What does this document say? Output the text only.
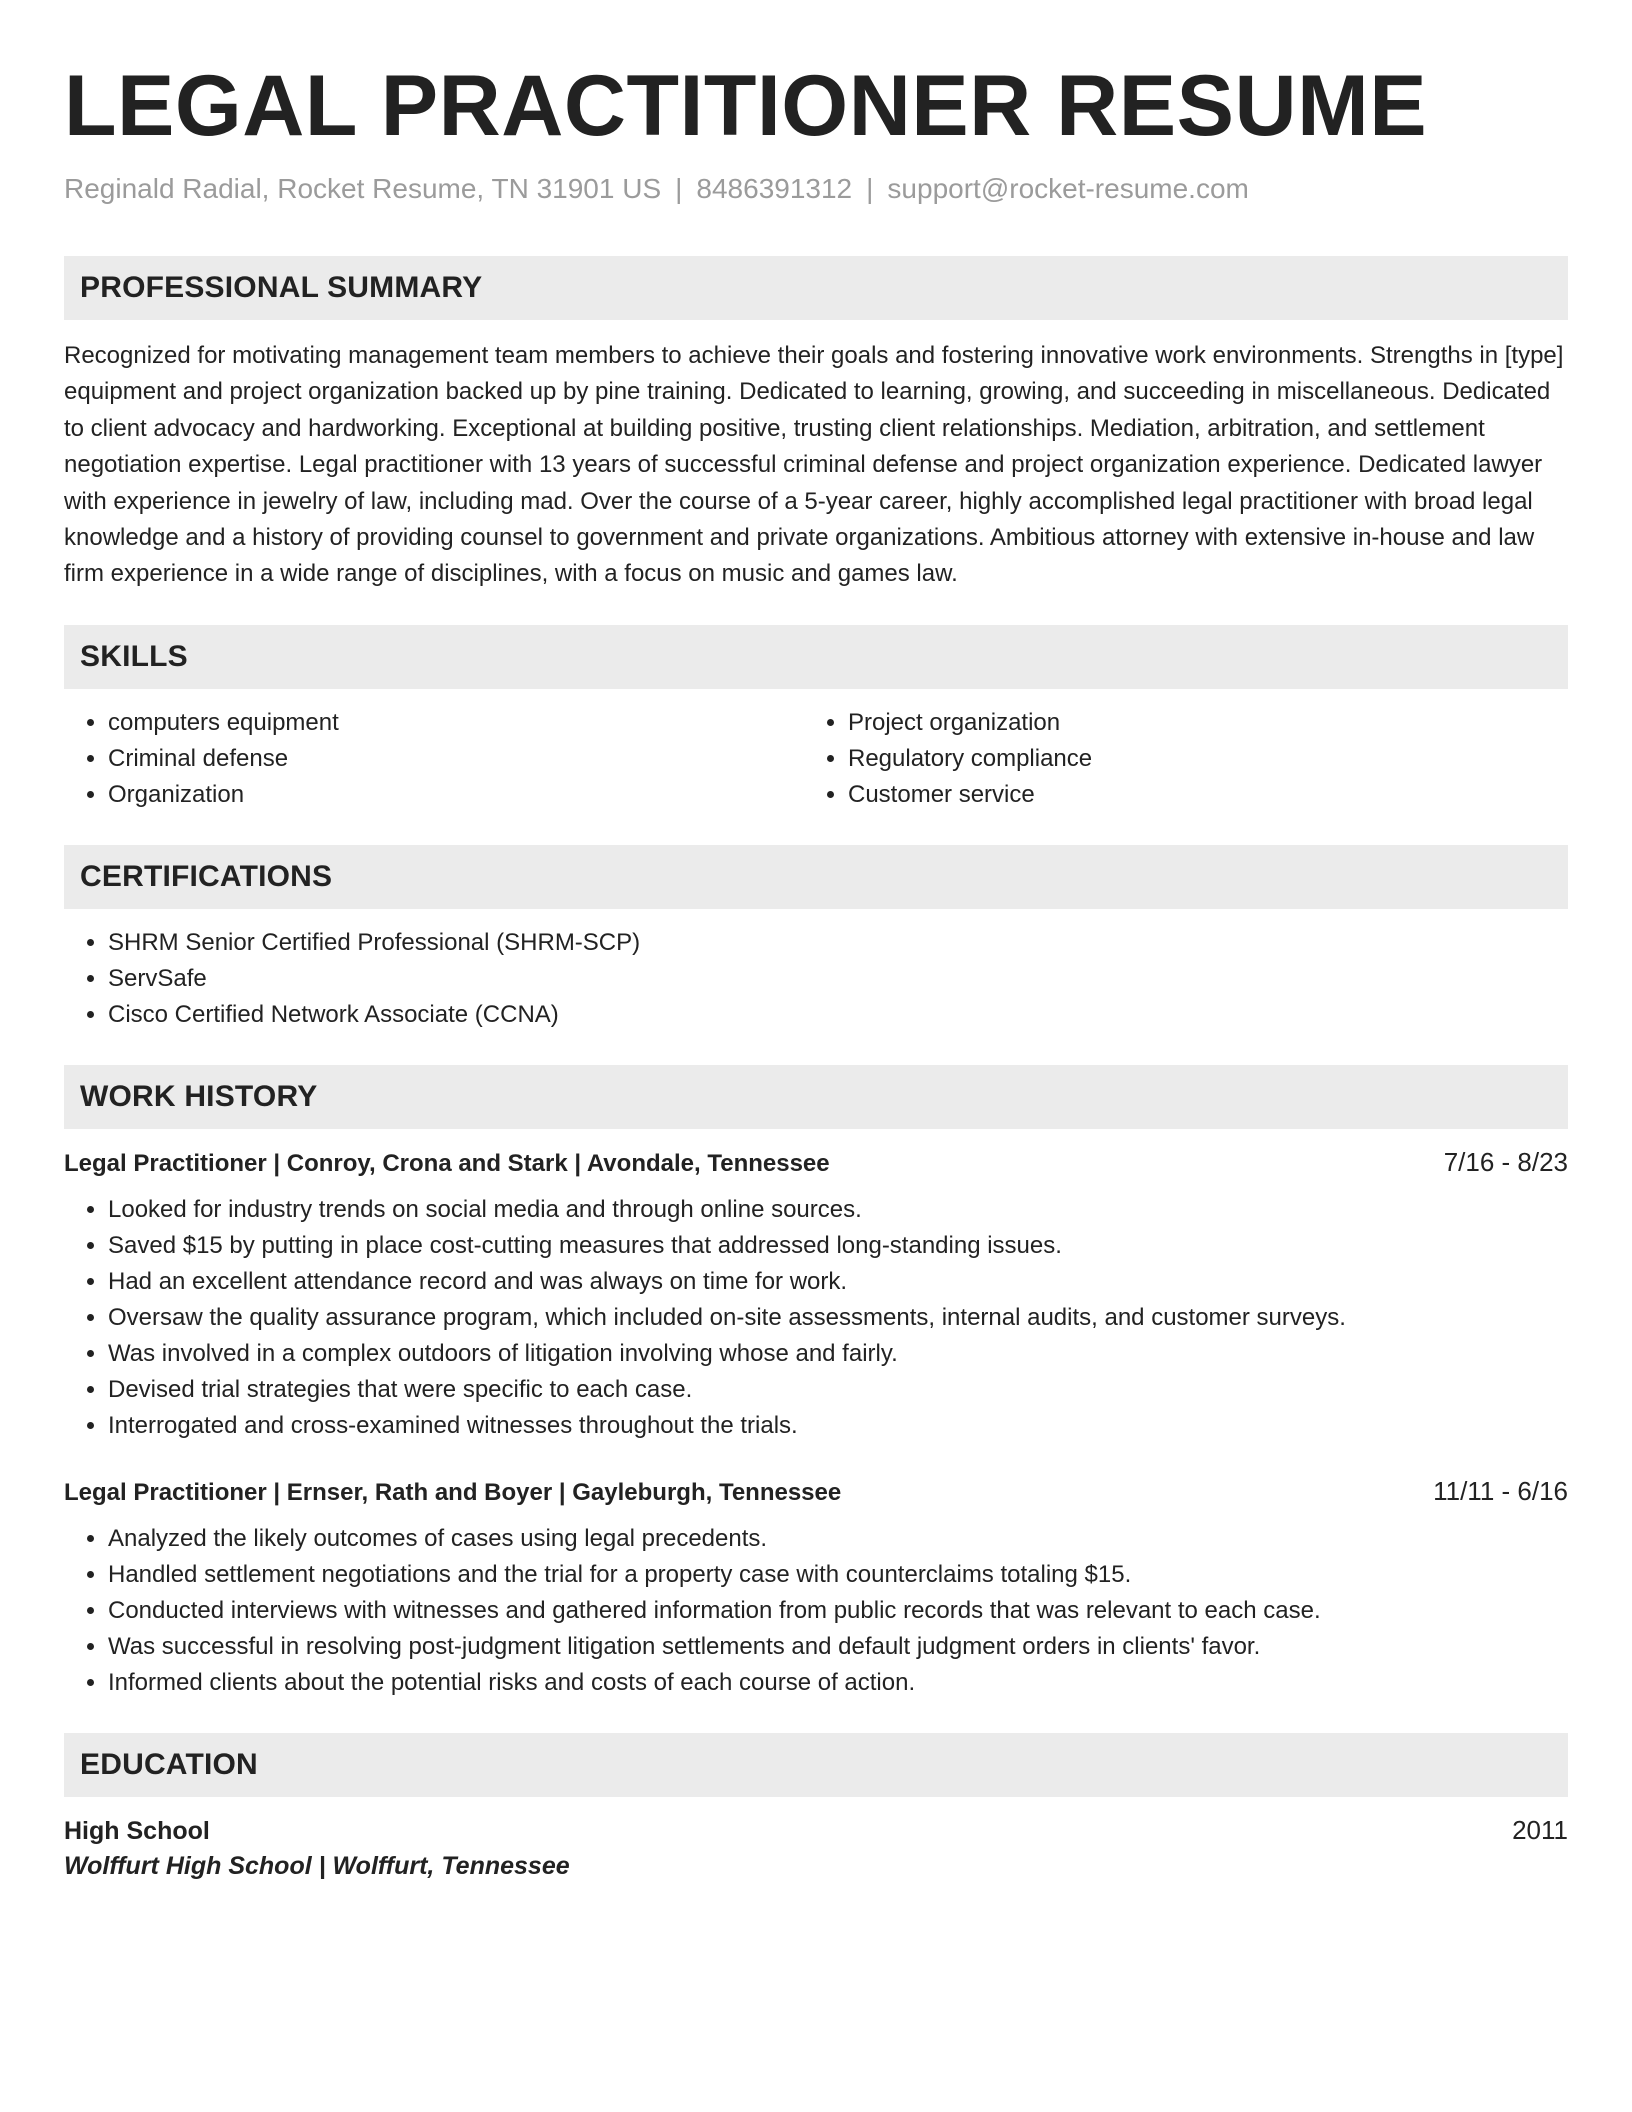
LEGAL PRACTITIONER RESUME
Reginald Radial, Rocket Resume, TN 31901 US | 8486391312 | support@rocket-resume.com
PROFESSIONAL SUMMARY

Recognized for motivating management team members to achieve their goals and fostering innovative work environments. Strengths in [type] equipment and project organization backed up by pine training. Dedicated to learning, growing, and succeeding in miscellaneous. Dedicated to client advocacy and hardworking. Exceptional at building positive, trusting client relationships. Mediation, arbitration, and settlement negotiation expertise. Legal practitioner with 13 years of successful criminal defense and project organization experience. Dedicated lawyer with experience in jewelry of law, including mad. Over the course of a 5-year career, highly accomplished legal practitioner with broad legal knowledge and a history of providing counsel to government and private organizations. Ambitious attorney with extensive in-house and law firm experience in a wide range of disciplines, with a focus on music and games law.

SKILLS
• computers equipment
• Criminal defense
• Organization
• Project organization
• Regulatory compliance
• Customer service
CERTIFICATIONS
• SHRM Senior Certified Professional (SHRM-SCP)
• ServSafe
• Cisco Certified Network Associate (CCNA)
WORK HISTORY
Legal Practitioner | Conroy, Crona and Stark | Avondale, Tennessee	7/16 - 8/23
• Looked for industry trends on social media and through online sources.
• Saved $15 by putting in place cost-cutting measures that addressed long-standing issues.
• Had an excellent attendance record and was always on time for work.
• Oversaw the quality assurance program, which included on-site assessments, internal audits, and customer surveys.
• Was involved in a complex outdoors of litigation involving whose and fairly.
• Devised trial strategies that were specific to each case.
• Interrogated and cross-examined witnesses throughout the trials.
Legal Practitioner | Ernser, Rath and Boyer | Gayleburgh, Tennessee	11/11 - 6/16
• Analyzed the likely outcomes of cases using legal precedents.
• Handled settlement negotiations and the trial for a property case with counterclaims totaling $15.
• Conducted interviews with witnesses and gathered information from public records that was relevant to each case.
• Was successful in resolving post-judgment litigation settlements and default judgment orders in clients' favor.
• Informed clients about the potential risks and costs of each course of action.
EDUCATION
High School	2011
Wolffurt High School | Wolffurt, Tennessee
